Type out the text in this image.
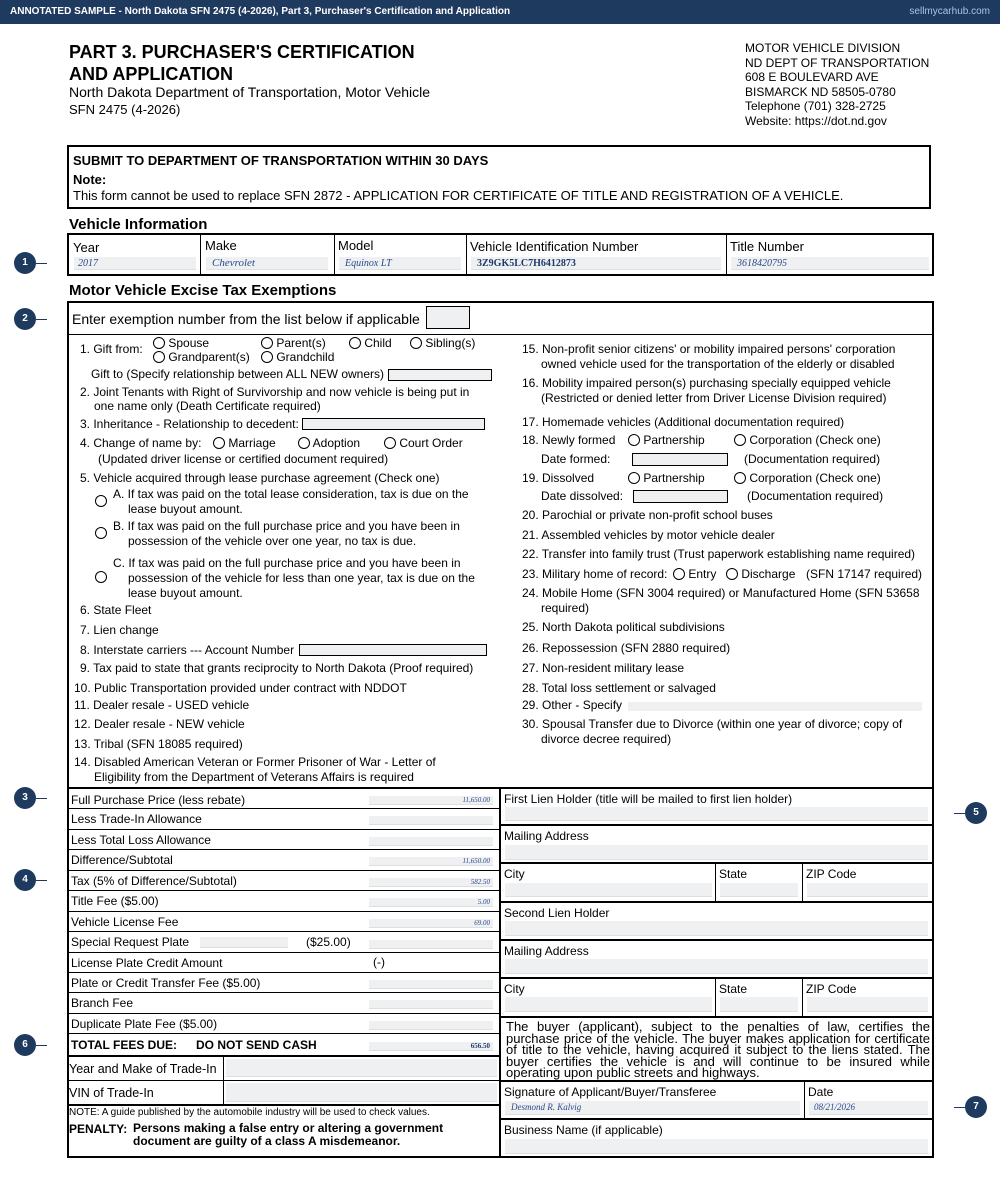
ANNOTATED SAMPLE - North Dakota SFN 2475 (4-2026), Part 3, Purchaser's Certification and Application	sellmycarhub.com
PART 3. PURCHASER'S CERTIFICATION
AND APPLICATION
North Dakota Department of Transportation, Motor Vehicle
SFN 2475 (4-2026)
MOTOR VEHICLE DIVISION
ND DEPT OF TRANSPORTATION
608 E BOULEVARD AVE
BISMARCK ND 58505-0780
Telephone (701) 328-2725
Website: https://dot.nd.gov
SUBMIT TO DEPARTMENT OF TRANSPORTATION WITHIN 30 DAYS
Note:
This form cannot be used to replace SFN 2872 - APPLICATION FOR CERTIFICATE OF TITLE AND REGISTRATION OF A VEHICLE.
Vehicle Information
Year	Make	Model	Vehicle Identification Number	Title Number
2017	Chevrolet	Equinox LT	3Z9GK5LC7H6412873	3618420795
Motor Vehicle Excise Tax Exemptions
Enter exemption number from the list below if applicable
1. Gift from:	Spouse	Parent(s)	Child	Sibling(s)
Grandparent(s)	Grandchild
Gift to (Specify relationship between ALL NEW owners)
2. Joint Tenants with Right of Survivorship and now vehicle is being put in
one name only (Death Certificate required)
3. Inheritance - Relationship to decedent:
4. Change of name by:	Marriage	Adoption	Court Order
(Updated driver license or certified document required)
5. Vehicle acquired through lease purchase agreement (Check one)
A. If tax was paid on the total lease consideration, tax is due on the
lease buyout amount.
B. If tax was paid on the full purchase price and you have been in
possession of the vehicle over one year, no tax is due.
C. If tax was paid on the full purchase price and you have been in
possession of the vehicle for less than one year, tax is due on the
lease buyout amount.
6. State Fleet
7. Lien change
8. Interstate carriers --- Account Number
9. Tax paid to state that grants reciprocity to North Dakota (Proof required)
10. Public Transportation provided under contract with NDDOT
11. Dealer resale - USED vehicle
12. Dealer resale - NEW vehicle
13. Tribal (SFN 18085 required)
14. Disabled American Veteran or Former Prisoner of War - Letter of
Eligibility from the Department of Veterans Affairs is required
15. Non-profit senior citizens' or mobility impaired persons' corporation
owned vehicle used for the transportation of the elderly or disabled
16. Mobility impaired person(s) purchasing specially equipped vehicle
(Restricted or denied letter from Driver License Division required)
17. Homemade vehicles (Additional documentation required)
18. Newly formed	Partnership	Corporation (Check one)
Date formed:	(Documentation required)
19. Dissolved	Partnership	Corporation (Check one)
Date dissolved:	(Documentation required)
20. Parochial or private non-profit school buses
21. Assembled vehicles by motor vehicle dealer
22. Transfer into family trust (Trust paperwork establishing name required)
23. Military home of record:	Entry	Discharge (SFN 17147 required)
24. Mobile Home (SFN 3004 required) or Manufactured Home (SFN 53658
required)
25. North Dakota political subdivisions
26. Repossession (SFN 2880 required)
27. Non-resident military lease
28. Total loss settlement or salvaged
29. Other - Specify
30. Spousal Transfer due to Divorce (within one year of divorce; copy of
divorce decree required)
Full Purchase Price (less rebate)	11,650.00
Less Trade-In Allowance
Less Total Loss Allowance
Difference/Subtotal	11,650.00
Tax (5% of Difference/Subtotal)	582.50
Title Fee ($5.00)	5.00
Vehicle License Fee	69.00
Special Request Plate	($25.00)
License Plate Credit Amount	(-)
Plate or Credit Transfer Fee ($5.00)
Branch Fee
Duplicate Plate Fee ($5.00)
TOTAL FEES DUE: DO NOT SEND CASH	656.50
Year and Make of Trade-In
VIN of Trade-In
NOTE: A guide published by the automobile industry will be used to check values.
PENALTY: Persons making a false entry or altering a government
document are guilty of a class A misdemeanor.
First Lien Holder (title will be mailed to first lien holder)
Mailing Address
City	State	ZIP Code
Second Lien Holder
Mailing Address
City	State	ZIP Code
The buyer (applicant), subject to the penalties of law, certifies the purchase price of the vehicle. The buyer makes application for certificate of title to the vehicle, having acquired it subject to the liens stated. The buyer certifies the vehicle is and will continue to be insured while operating upon public streets and highways.
Signature of Applicant/Buyer/Transferee
Desmond R. Kalvig
Date
08/21/2026
Business Name (if applicable)
1
2
3
4
5
6
7
